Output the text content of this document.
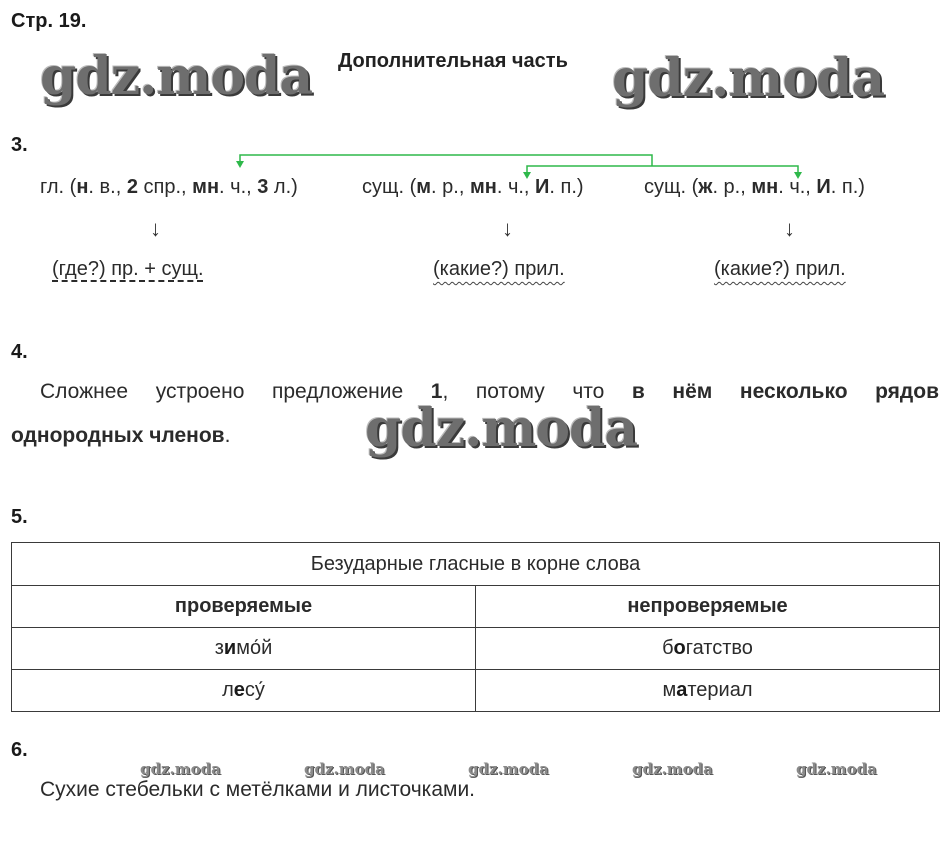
Стр. 19.
gdz.moda Дополнительная часть gdz.moda
3.
гл. (н. в., 2 спр., мн. ч., 3 л.)	сущ. (м. р., мн. ч., И. п.)	сущ. (ж. р., мн. ч., И. п.)
↓	↓	↓
(где?) пр. + сущ.	(какие?) прил.	(какие?) прил.
4.
Сложнее устроено предложение 1, потому что в нём несколько рядов
однородных членов.	gdz.moda
5.
Безударные гласные в корне слова	
проверяемые	непроверяемые
зимо́й	богатство
лесу́	материал
6.
gdz.moda	gdz.moda	gdz.moda	gdz.moda	gdz.moda
Сухие стебельки с метёлками и листочками.
